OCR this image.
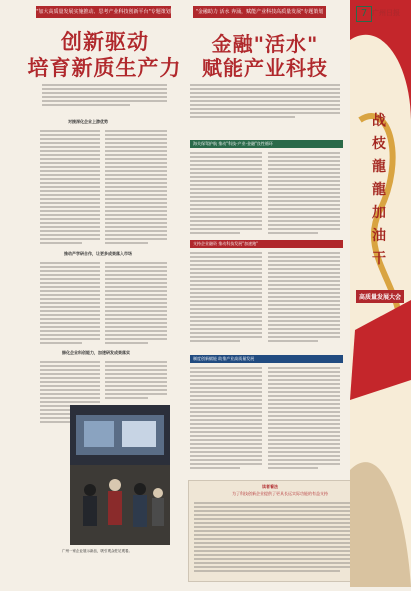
"加大高质量发展实施推动、思考产业科技创新平台"专题策划
创新驱动
培育新质生产力
对接深化企业上游优势
推动产学研合作，让更多成果落入市场
绿化企业科创能力，加速研发成果落实
广州一家企业展示新品，吸引观众驻足观看。
"金融助力 活水 奔涌，赋能产业科技高质量发展"专题策划
金融"活水"
赋能产业科技
海关保驾护航 推动"科技-产业-金融"良性循环
支持企业融资 推动科技发展"加速跑"
制度创新赋能 助推产业高质量发展
读者看法
为了科技创新企业提供了更具长远实际功能的有益支持
7 广州日报
战枝龍龍加油干
高质量发展大会
